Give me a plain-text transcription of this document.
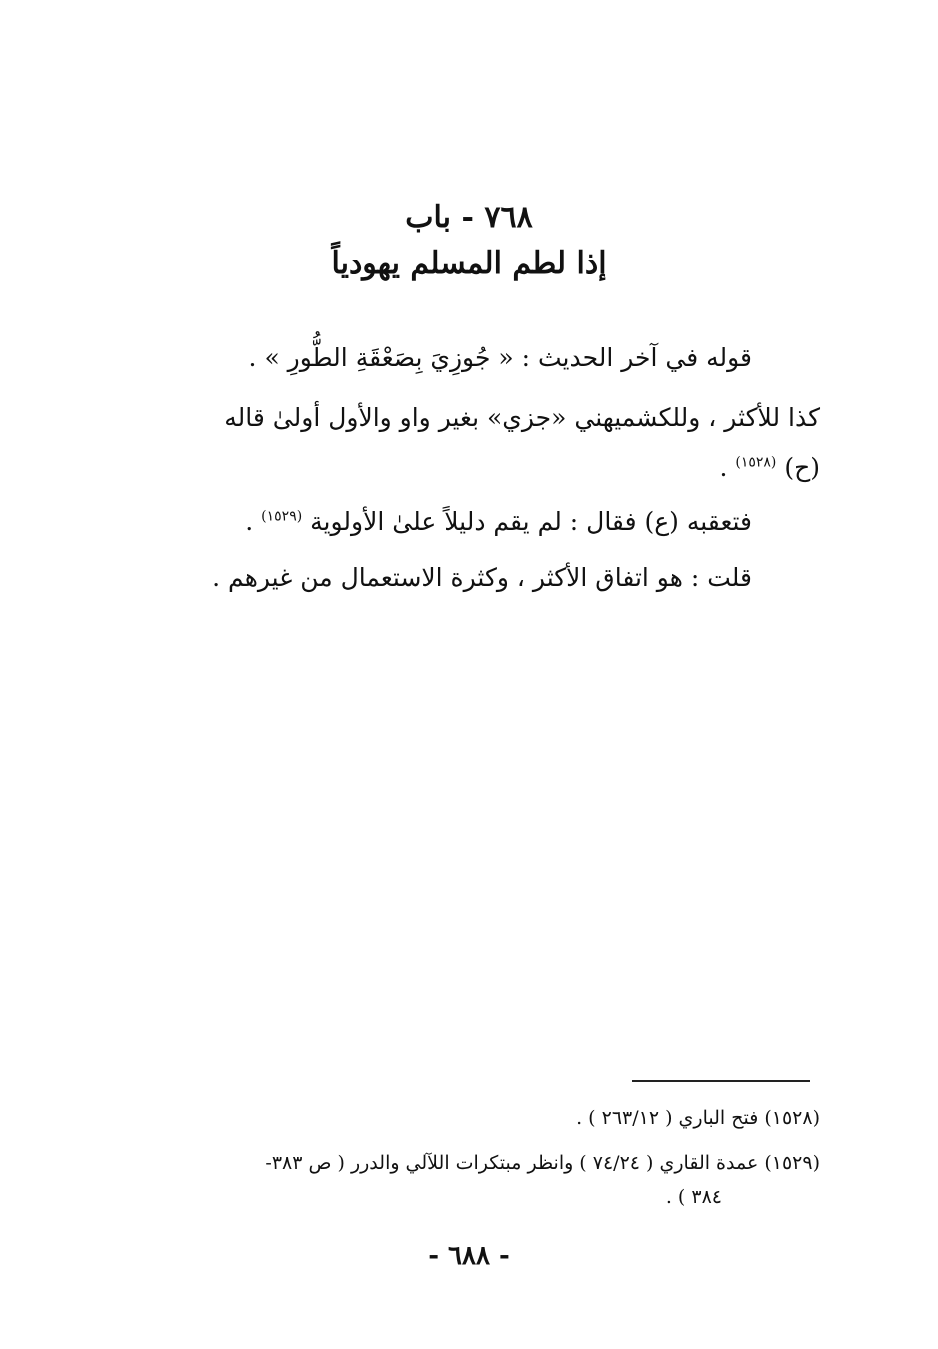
٧٦٨ - باب
إذا لطم المسلم يهودياً
قوله في آخر الحديث : « جُوزِيَ بِصَعْقَةِ الطُّورِ » .
كذا للأكثر ، وللكشميهني «جزي» بغير واو والأول أولىٰ قاله
(ح) $^{(١٥٢٨)}$ .
فتعقبه (ع) فقال : لم يقم دليلاً علىٰ الأولوية $^{(١٥٢٩)}$ .
قلت : هو اتفاق الأكثر ، وكثرة الاستعمال من غيرهم .
(١٥٢٨) فتح الباري ( ٢٦٣/١٢ ) .
(١٥٢٩) عمدة القاري ( ٧٤/٢٤ ) وانظر مبتكرات اللآلي والدرر ( ص ٣٨٣-
٣٨٤ ) .
- ٦٨٨ -
